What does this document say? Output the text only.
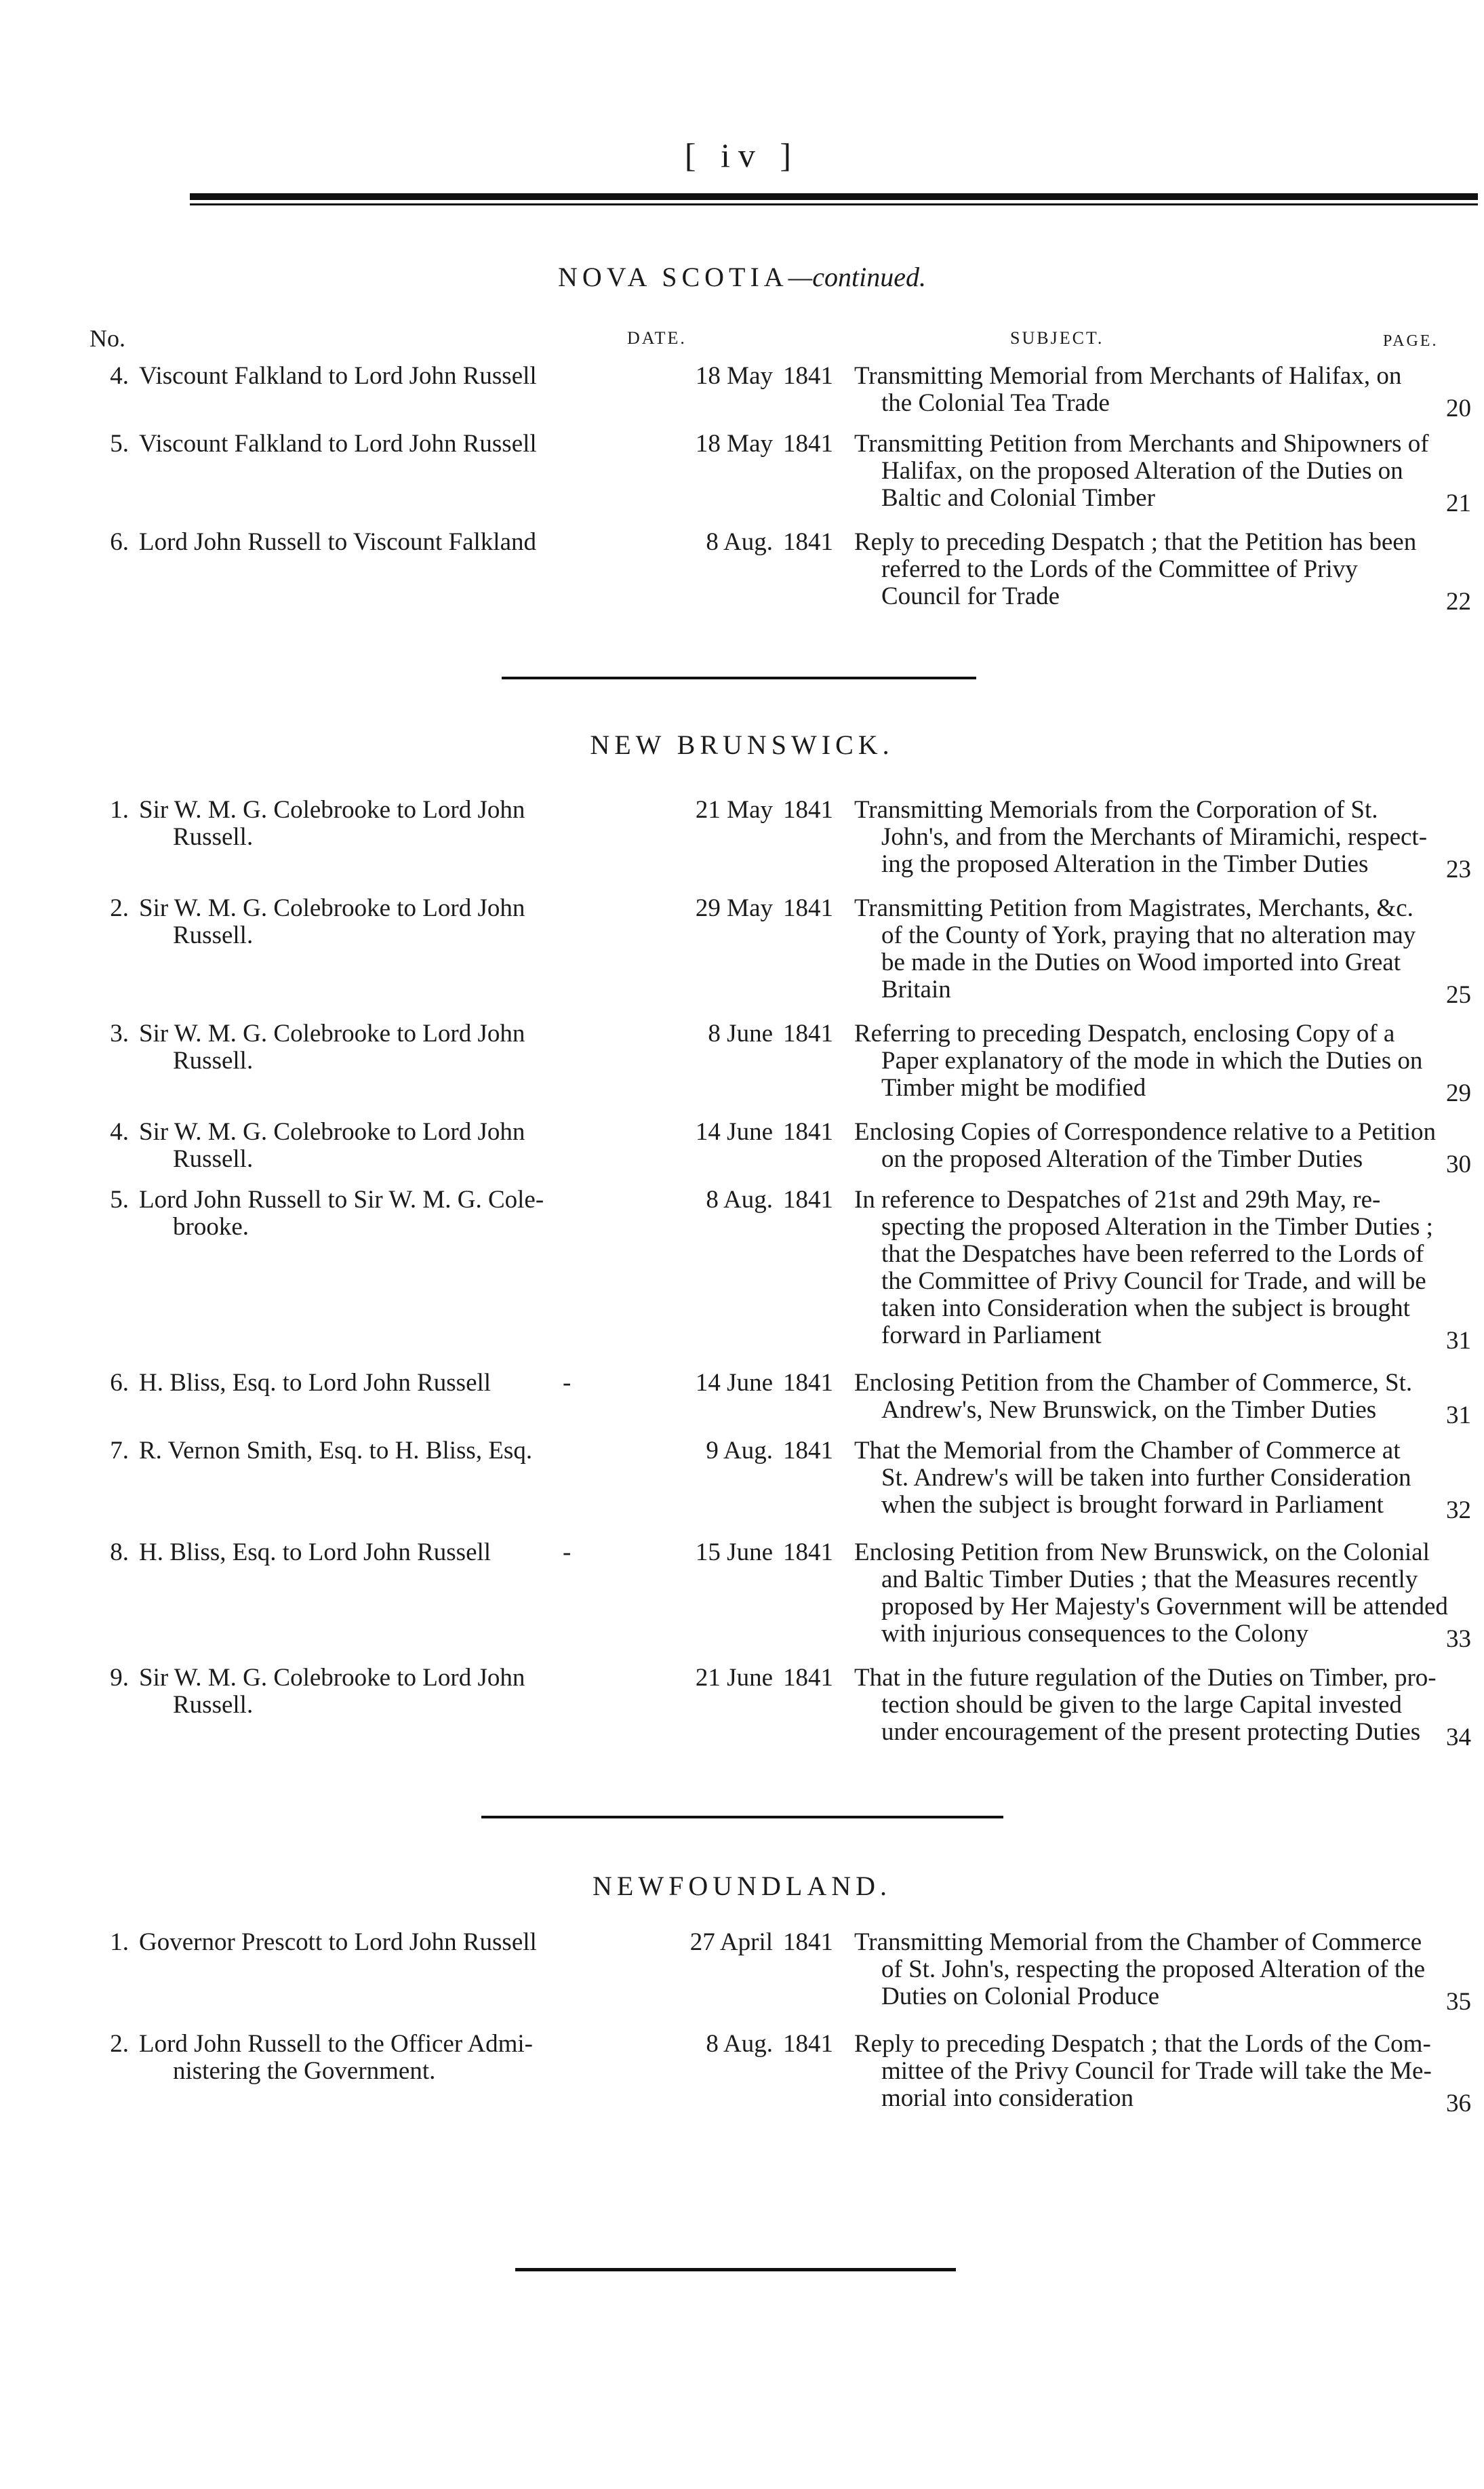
[ iv ]
NOVA SCOTIA—continued.
No.	DATE.	SUBJECT.	PAGE.
4. Viscount Falkland to Lord John Russell	18 May 1841 Transmitting Memorial from Merchants of Halifax, on
the Colonial Tea Trade	20
5. Viscount Falkland to Lord John Russell	18 May 1841 Transmitting Petition from Merchants and Shipowners of
Halifax, on the proposed Alteration of the Duties on
Baltic and Colonial Timber	21
6. Lord John Russell to Viscount Falkland	8 Aug. 1841 Reply to preceding Despatch ; that the Petition has been
referred to the Lords of the Committee of Privy
Council for Trade	22
NEW BRUNSWICK.
1. Sir W. M. G. Colebrooke to Lord John
Russell.
21 May 1841 Transmitting Memorials from the Corporation of St.
John's, and from the Merchants of Miramichi, respect-
ing the proposed Alteration in the Timber Duties	23
2. Sir W. M. G. Colebrooke to Lord John
Russell.
29 May 1841 Transmitting Petition from Magistrates, Merchants, &c.
of the County of York, praying that no alteration may
be made in the Duties on Wood imported into Great
Britain	25
3. Sir W. M. G. Colebrooke to Lord John
Russell.
8 June 1841 Referring to preceding Despatch, enclosing Copy of a
Paper explanatory of the mode in which the Duties on
Timber might be modified	29
4. Sir W. M. G. Colebrooke to Lord John
Russell.
14 June 1841 Enclosing Copies of Correspondence relative to a Petition
on the proposed Alteration of the Timber Duties	30
5. Lord John Russell to Sir W. M. G. Cole-
brooke.
8 Aug. 1841 In reference to Despatches of 21st and 29th May, re-
specting the proposed Alteration in the Timber Duties ;
that the Despatches have been referred to the Lords of
the Committee of Privy Council for Trade, and will be
taken into Consideration when the subject is brought
forward in Parliament	31
6. H. Bliss, Esq. to Lord John Russell	-	14 June 1841 Enclosing Petition from the Chamber of Commerce, St.
Andrew's, New Brunswick, on the Timber Duties	31
7. R. Vernon Smith, Esq. to H. Bliss, Esq.	9 Aug. 1841 That the Memorial from the Chamber of Commerce at
St. Andrew's will be taken into further Consideration
when the subject is brought forward in Parliament	32
8. H. Bliss, Esq. to Lord John Russell	-	15 June 1841 Enclosing Petition from New Brunswick, on the Colonial
and Baltic Timber Duties ; that the Measures recently
proposed by Her Majesty's Government will be attended
with injurious consequences to the Colony	33
9. Sir W. M. G. Colebrooke to Lord John
Russell.
21 June 1841 That in the future regulation of the Duties on Timber, pro-
tection should be given to the large Capital invested
under encouragement of the present protecting Duties	34
NEWFOUNDLAND.
1. Governor Prescott to Lord John Russell	27 April 1841 Transmitting Memorial from the Chamber of Commerce
of St. John's, respecting the proposed Alteration of the
Duties on Colonial Produce	35
2. Lord John Russell to the Officer Admi-
nistering the Government.
8 Aug. 1841 Reply to preceding Despatch ; that the Lords of the Com-
mittee of the Privy Council for Trade will take the Me-
morial into consideration	36
